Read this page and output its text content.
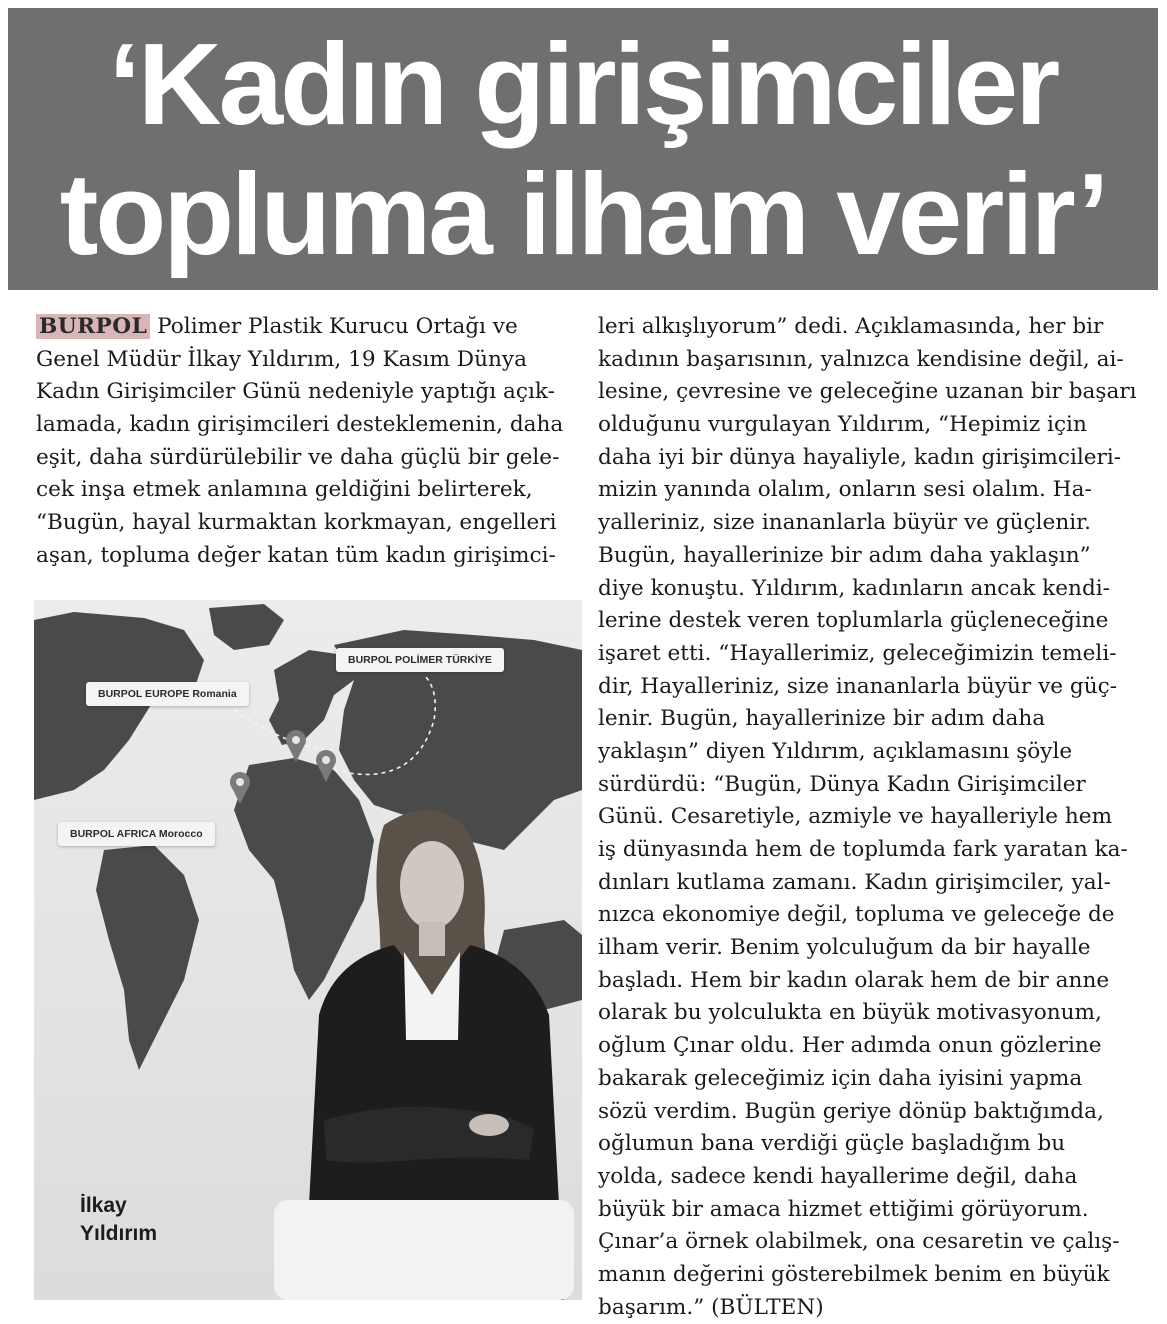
‘Kadın girişimciler
topluma ilham verir’
BURPOL Polimer Plastik Kurucu Ortağı ve
Genel Müdür İlkay Yıldırım, 19 Kasım Dünya
Kadın Girişimciler Günü nedeniyle yaptığı açık-
lamada, kadın girişimcileri desteklemenin, daha
eşit, daha sürdürülebilir ve daha güçlü bir gele-
cek inşa etmek anlamına geldiğini belirterek,
“Bugün, hayal kurmaktan korkmayan, engelleri
aşan, topluma değer katan tüm kadın girişimci-
BURPOL POLİMER TÜRKİYE
BURPOL EUROPE Romania
BURPOL AFRICA Morocco
İlkay
Yıldırım
leri alkışlıyorum” dedi. Açıklamasında, her bir
kadının başarısının, yalnızca kendisine değil, ai-
lesine, çevresine ve geleceğine uzanan bir başarı
olduğunu vurgulayan Yıldırım, “Hepimiz için
daha iyi bir dünya hayaliyle, kadın girişimcileri-
mizin yanında olalım, onların sesi olalım. Ha-
yalleriniz, size inananlarla büyür ve güçlenir.
Bugün, hayallerinize bir adım daha yaklaşın”
diye konuştu. Yıldırım, kadınların ancak kendi-
lerine destek veren toplumlarla güçleneceğine
işaret etti. “Hayallerimiz, geleceğimizin temeli-
dir, Hayalleriniz, size inananlarla büyür ve güç-
lenir. Bugün, hayallerinize bir adım daha
yaklaşın” diyen Yıldırım, açıklamasını şöyle
sürdürdü: “Bugün, Dünya Kadın Girişimciler
Günü. Cesaretiyle, azmiyle ve hayalleriyle hem
iş dünyasında hem de toplumda fark yaratan ka-
dınları kutlama zamanı. Kadın girişimciler, yal-
nızca ekonomiye değil, topluma ve geleceğe de
ilham verir. Benim yolculuğum da bir hayalle
başladı. Hem bir kadın olarak hem de bir anne
olarak bu yolculukta en büyük motivasyonum,
oğlum Çınar oldu. Her adımda onun gözlerine
bakarak geleceğimiz için daha iyisini yapma
sözü verdim. Bugün geriye dönüp baktığımda,
oğlumun bana verdiği güçle başladığım bu
yolda, sadece kendi hayallerime değil, daha
büyük bir amaca hizmet ettiğimi görüyorum.
Çınar’a örnek olabilmek, ona cesaretin ve çalış-
manın değerini gösterebilmek benim en büyük
başarım.” (BÜLTEN)
